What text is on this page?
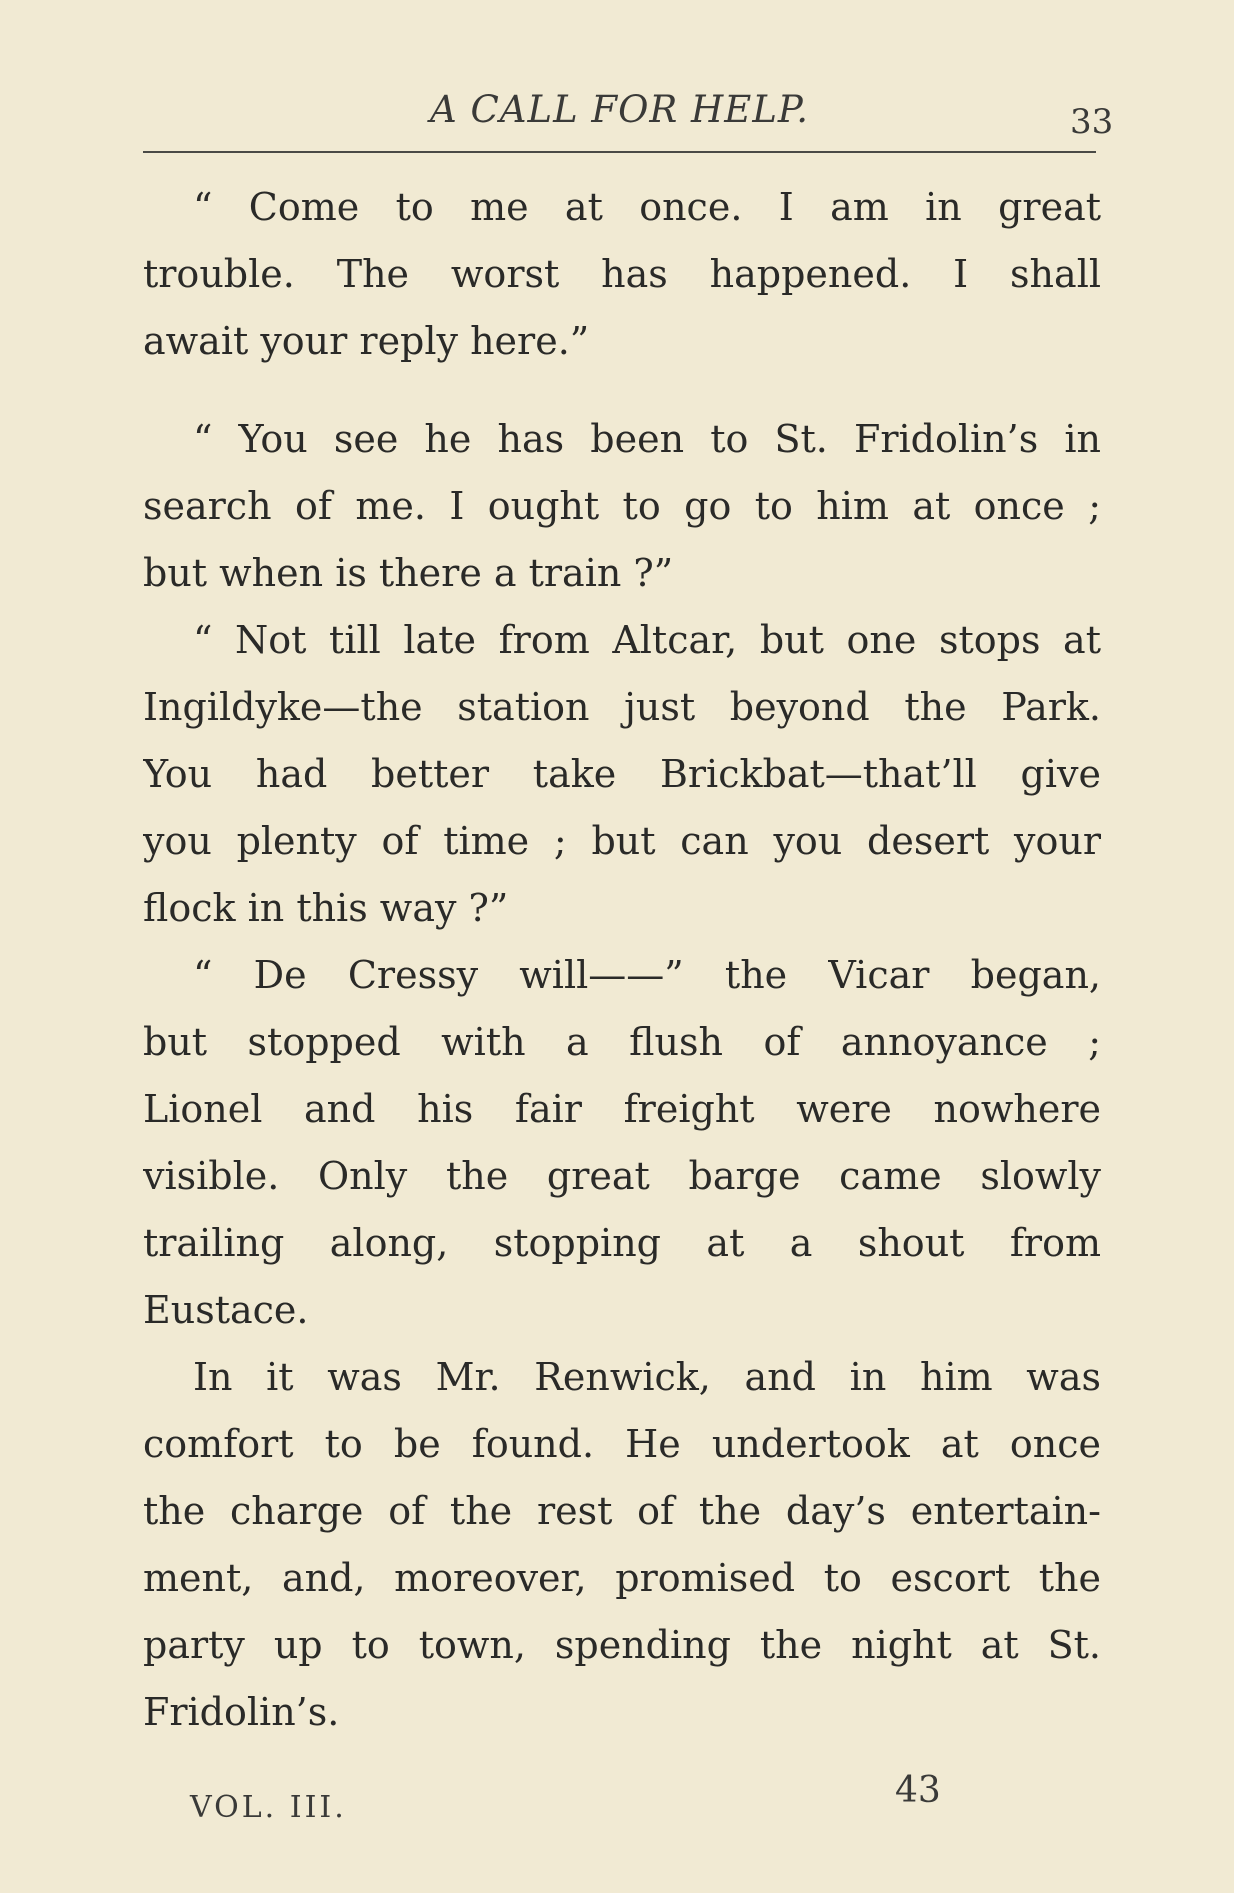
A CALL FOR HELP.	33
“ Come to me at once. I am in great
trouble. The worst has happened. I shall
await your reply here.”
“ You see he has been to St. Fridolin’s in
search of me. I ought to go to him at once ;
but when is there a train ?”
“ Not till late from Altcar, but one stops at
Ingildyke—the station just beyond the Park.
You had better take Brickbat—that’ll give
you plenty of time ; but can you desert your
flock in this way ?”
“ De Cressy will——” the Vicar began,
but stopped with a flush of annoyance ;
Lionel and his fair freight were nowhere
visible. Only the great barge came slowly
trailing along, stopping at a shout from
Eustace.
In it was Mr. Renwick, and in him was
comfort to be found. He undertook at once
the charge of the rest of the day’s entertain-
ment, and, moreover, promised to escort the
party up to town, spending the night at St.
Fridolin’s.
VOL. III.	43
